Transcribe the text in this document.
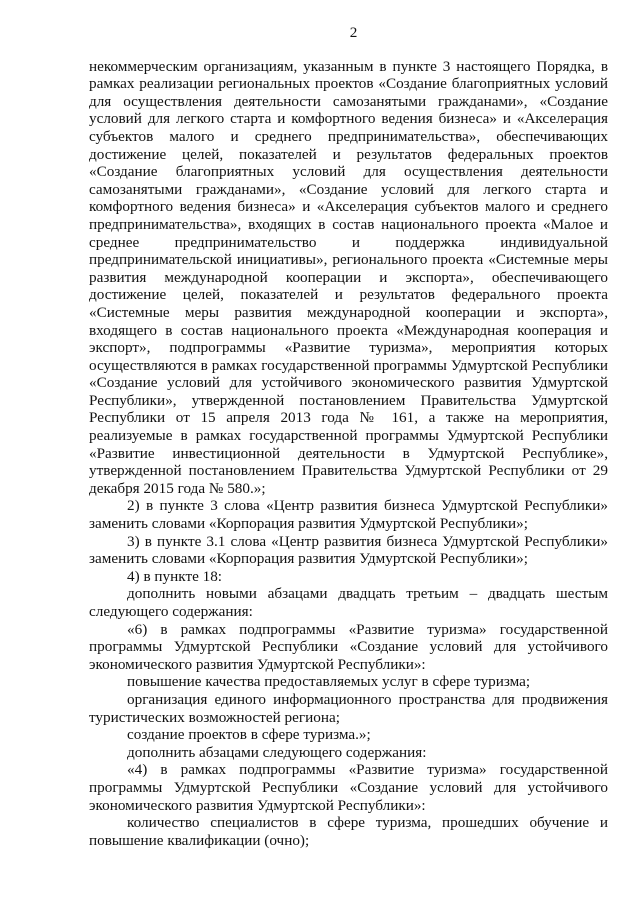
2

некоммерческим организациям, указанным в пункте 3 настоящего Порядка, в рамках реализации региональных проектов «Создание благоприятных условий для осуществления деятельности самозанятыми гражданами», «Создание условий для легкого старта и комфортного ведения бизнеса» и «Акселерация субъектов малого и среднего предпринимательства», обеспечивающих достижение целей, показателей и результатов федеральных проектов «Создание благоприятных условий для осуществления деятельности самозанятыми гражданами», «Создание условий для легкого старта и комфортного ведения бизнеса» и «Акселерация субъектов малого и среднего предпринимательства», входящих в состав национального проекта «Малое и среднее предпринимательство и поддержка индивидуальной предпринимательской инициативы», регионального проекта «Системные меры развития международной кооперации и экспорта», обеспечивающего достижение целей, показателей и результатов федерального проекта «Системные меры развития международной кооперации и экспорта», входящего в состав национального проекта «Международная кооперация и экспорт», подпрограммы «Развитие туризма», мероприятия которых осуществляются в рамках государственной программы Удмуртской Республики «Создание условий для устойчивого экономического развития Удмуртской Республики», утвержденной постановлением Правительства Удмуртской Республики от 15 апреля 2013 года № 161, а также на мероприятия, реализуемые в рамках государственной программы Удмуртской Республики «Развитие инвестиционной деятельности в Удмуртской Республике», утвержденной постановлением Правительства Удмуртской Республики от 29 декабря 2015 года № 580.»;

2) в пункте 3 слова «Центр развития бизнеса Удмуртской Республики» заменить словами «Корпорация развития Удмуртской Республики»;

3) в пункте 3.1 слова «Центр развития бизнеса Удмуртской Республики» заменить словами «Корпорация развития Удмуртской Республики»;

4) в пункте 18:

дополнить новыми абзацами двадцать третьим – двадцать шестым следующего содержания:

«6) в рамках подпрограммы «Развитие туризма» государственной программы Удмуртской Республики «Создание условий для устойчивого экономического развития Удмуртской Республики»:

повышение качества предоставляемых услуг в сфере туризма;

организация единого информационного пространства для продвижения туристических возможностей региона;

создание проектов в сфере туризма.»;

дополнить абзацами следующего содержания:

«4) в рамках подпрограммы «Развитие туризма» государственной программы Удмуртской Республики «Создание условий для устойчивого экономического развития Удмуртской Республики»:

количество специалистов в сфере туризма, прошедших обучение и повышение квалификации (очно);
